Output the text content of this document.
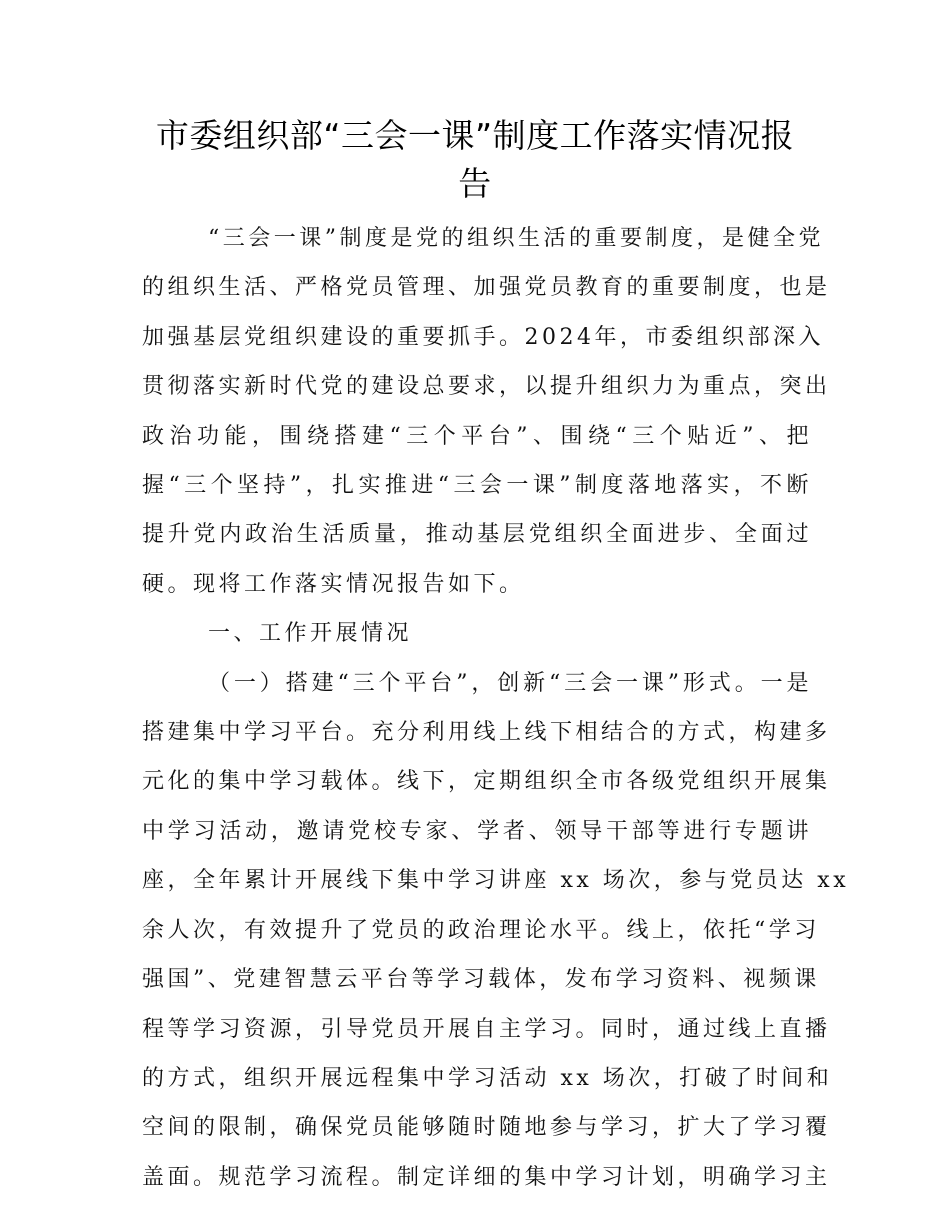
市委组织部“三会一课”制度工作落实情况报
告
“三会一课”制度是党的组织生活的重要制度，是健全党
的组织生活、严格党员管理、加强党员教育的重要制度，也是
加强基层党组织建设的重要抓手。2024年，市委组织部深入
贯彻落实新时代党的建设总要求，以提升组织力为重点，突出
政治功能，围绕搭建“三个平台”、围绕“三个贴近”、把
握“三个坚持”，扎实推进“三会一课”制度落地落实，不断
提升党内政治生活质量，推动基层党组织全面进步、全面过
硬。现将工作落实情况报告如下。
一、工作开展情况
（一）搭建“三个平台”，创新“三会一课”形式。一是
搭建集中学习平台。充分利用线上线下相结合的方式，构建多
元化的集中学习载体。线下，定期组织全市各级党组织开展集
中学习活动，邀请党校专家、学者、领导干部等进行专题讲
座，全年累计开展线下集中学习讲座 xx 场次，参与党员达 xx
余人次，有效提升了党员的政治理论水平。线上，依托“学习
强国”、党建智慧云平台等学习载体，发布学习资料、视频课
程等学习资源，引导党员开展自主学习。同时，通过线上直播
的方式，组织开展远程集中学习活动 xx 场次，打破了时间和
空间的限制，确保党员能够随时随地参与学习，扩大了学习覆
盖面。规范学习流程。制定详细的集中学习计划，明确学习主
